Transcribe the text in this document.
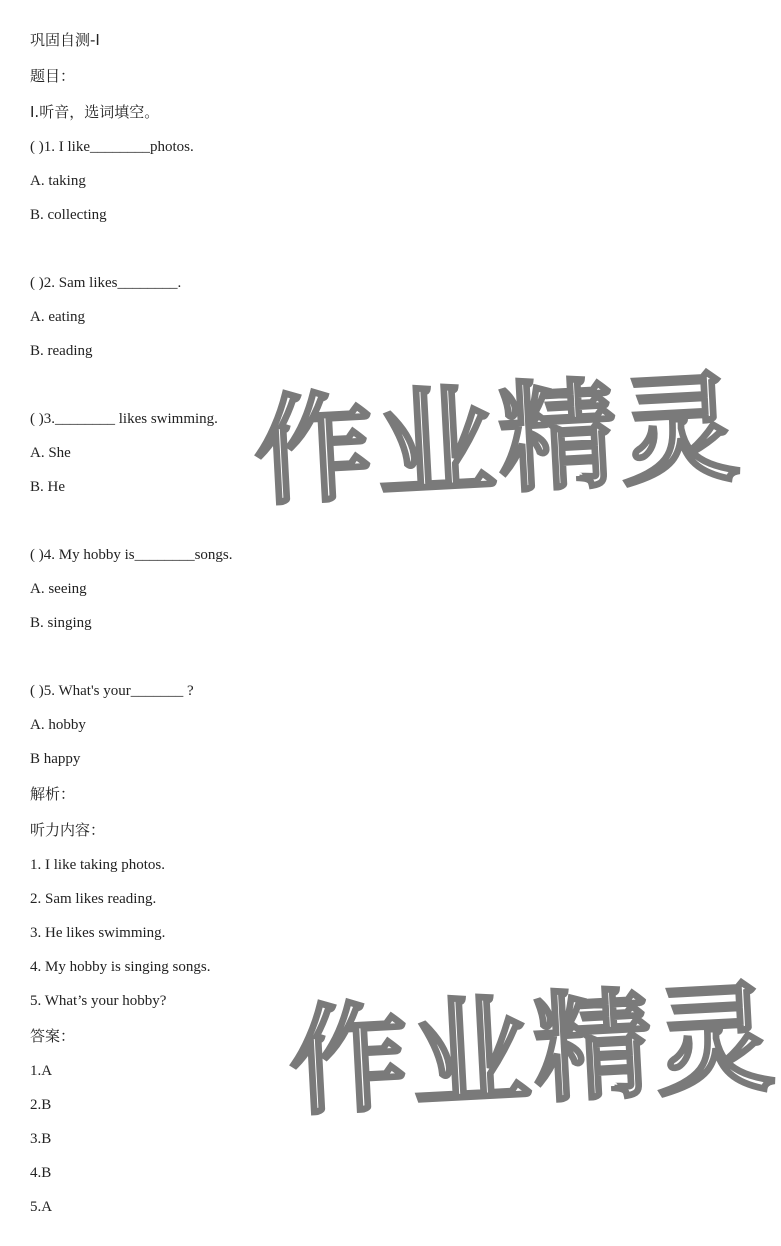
巩固自测-I
题目：
I.听音，选词填空。
( )1. I like________photos.
A. taking
B. collecting
( )2. Sam likes________.
A. eating
B. reading
( )3.________ likes swimming.
A. She
B. He
( )4. My hobby is________songs.
A. seeing
B. singing
( )5. What's your_______ ?
A. hobby
B happy
解析：
听力内容：
1. I like taking photos.
2. Sam likes reading.
3. He likes swimming.
4. My hobby is singing songs.
5. What’s your hobby?
答案：
1.A
2.B
3.B
4.B
5.A
作业精灵
作业精灵
